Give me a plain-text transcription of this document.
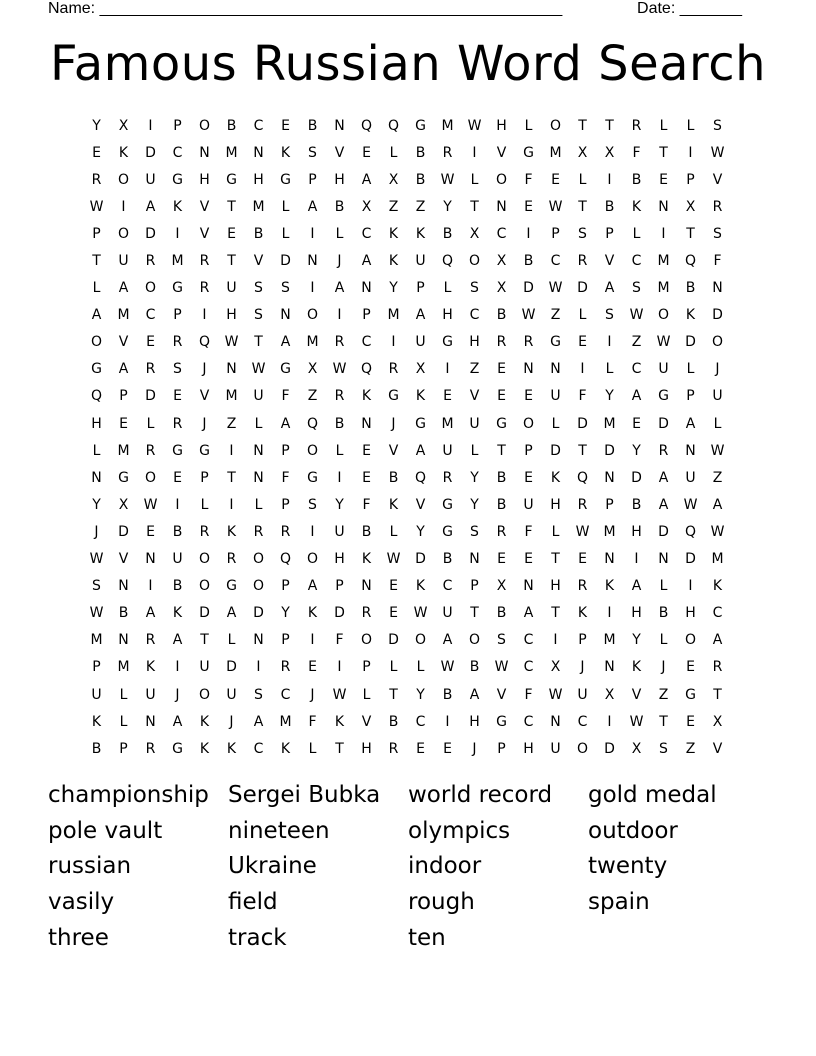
Name: ____________________________________________________	Date: _______
Famous Russian Word Search
Y	X	I	P	O	B	C	E	B	N	Q	Q	G	M	W	H	L	O	T	T	R	L	L	S
E	K	D	C	N	M	N	K	S	V	E	L	B	R	I	V	G	M	X	X	F	T	I	W
R	O	U	G	H	G	H	G	P	H	A	X	B	W	L	O	F	E	L	I	B	E	P	V
W	I	A	K	V	T	M	L	A	B	X	Z	Z	Y	T	N	E	W	T	B	K	N	X	R
P	O	D	I	V	E	B	L	I	L	C	K	K	B	X	C	I	P	S	P	L	I	T	S
T	U	R	M	R	T	V	D	N	J	A	K	U	Q	O	X	B	C	R	V	C	M	Q	F
L	A	O	G	R	U	S	S	I	A	N	Y	P	L	S	X	D	W	D	A	S	M	B	N
A	M	C	P	I	H	S	N	O	I	P	M	A	H	C	B	W	Z	L	S	W	O	K	D
O	V	E	R	Q	W	T	A	M	R	C	I	U	G	H	R	R	G	E	I	Z	W	D	O
G	A	R	S	J	N	W	G	X	W	Q	R	X	I	Z	E	N	N	I	L	C	U	L	J
Q	P	D	E	V	M	U	F	Z	R	K	G	K	E	V	E	E	U	F	Y	A	G	P	U
H	E	L	R	J	Z	L	A	Q	B	N	J	G	M	U	G	O	L	D	M	E	D	A	L
L	M	R	G	G	I	N	P	O	L	E	V	A	U	L	T	P	D	T	D	Y	R	N	W
N	G	O	E	P	T	N	F	G	I	E	B	Q	R	Y	B	E	K	Q	N	D	A	U	Z
Y	X	W	I	L	I	L	P	S	Y	F	K	V	G	Y	B	U	H	R	P	B	A	W	A
J	D	E	B	R	K	R	R	I	U	B	L	Y	G	S	R	F	L	W	M	H	D	Q	W
W	V	N	U	O	R	O	Q	O	H	K	W	D	B	N	E	E	T	E	N	I	N	D	M
S	N	I	B	O	G	O	P	A	P	N	E	K	C	P	X	N	H	R	K	A	L	I	K
W	B	A	K	D	A	D	Y	K	D	R	E	W	U	T	B	A	T	K	I	H	B	H	C
M	N	R	A	T	L	N	P	I	F	O	D	O	A	O	S	C	I	P	M	Y	L	O	A
P	M	K	I	U	D	I	R	E	I	P	L	L	W	B	W	C	X	J	N	K	J	E	R
U	L	U	J	O	U	S	C	J	W	L	T	Y	B	A	V	F	W	U	X	V	Z	G	T
K	L	N	A	K	J	A	M	F	K	V	B	C	I	H	G	C	N	C	I	W	T	E	X
B	P	R	G	K	K	C	K	L	T	H	R	E	E	J	P	H	U	O	D	X	S	Z	V
championship
pole vault
russian
vasily
three
Sergei Bubka
nineteen
Ukraine
field
track
world record
olympics
indoor
rough
ten
gold medal
outdoor
twenty
spain
